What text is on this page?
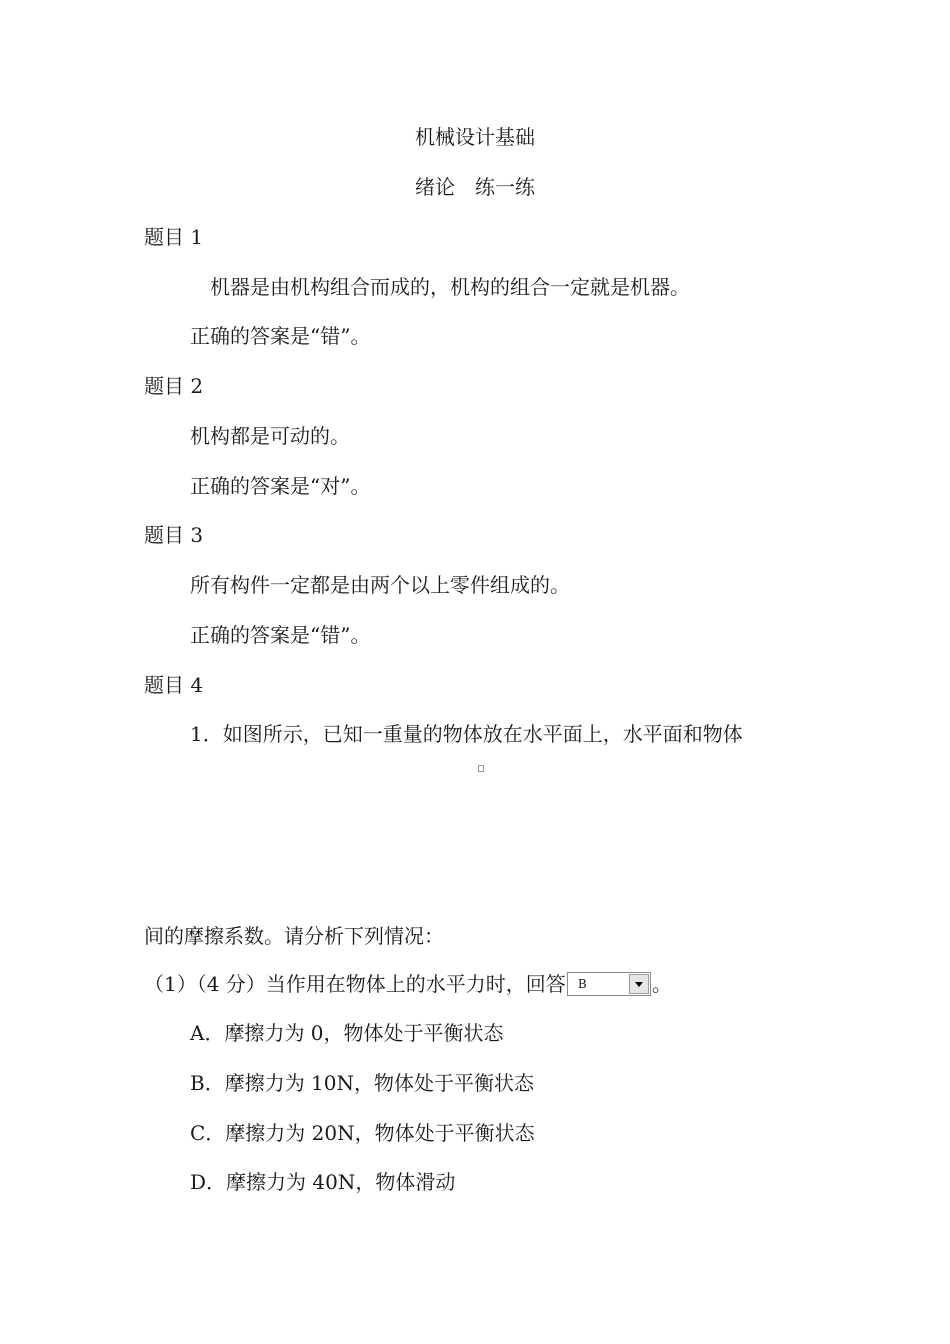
机械设计基础
绪论　练一练
题目 1
机器是由机构组合而成的，机构的组合一定就是机器。
正确的答案是“错”。
题目 2
机构都是可动的。
正确的答案是“对”。
题目 3
所有构件一定都是由两个以上零件组成的。
正确的答案是“错”。
题目 4
1．如图所示，已知一重量的物体放在水平面上，水平面和物体
间的摩擦系数。请分析下列情况：
（1）（4 分）当作用在物体上的水平力时，回答 B	。
A．摩擦力为 0，物体处于平衡状态
B．摩擦力为 10N，物体处于平衡状态
C．摩擦力为 20N，物体处于平衡状态
D．摩擦力为 40N，物体滑动
